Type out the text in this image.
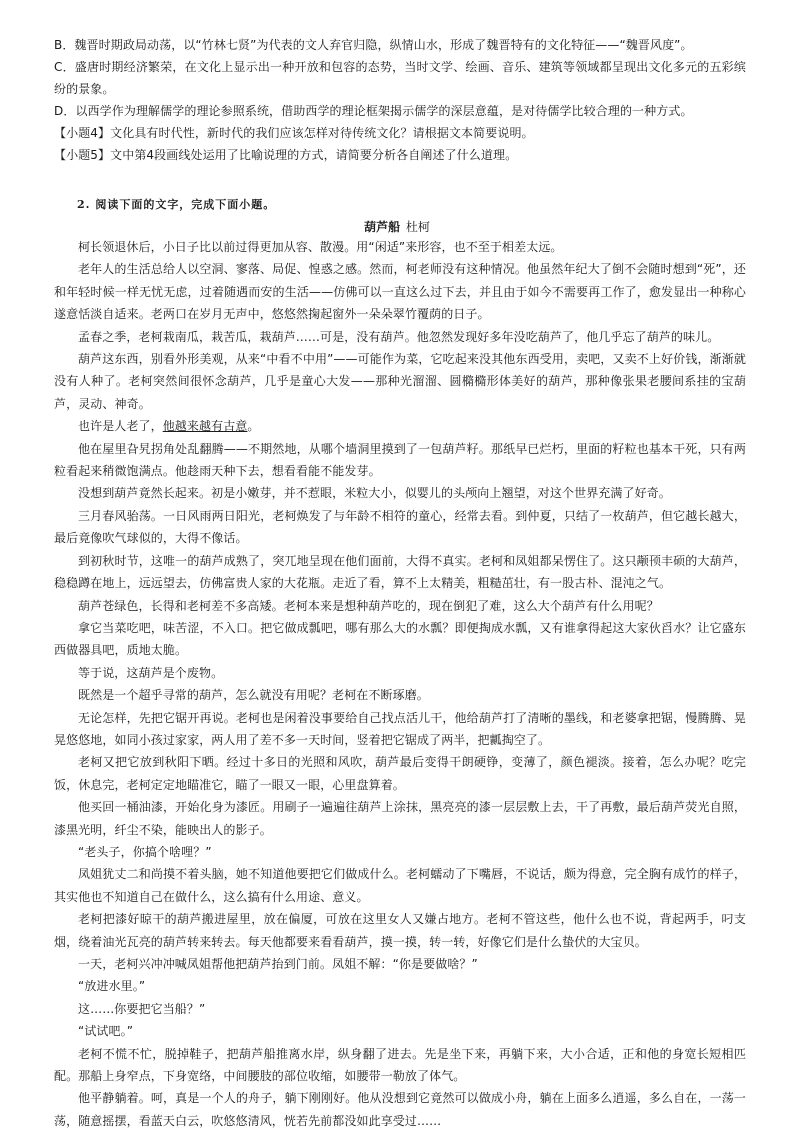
B．魏晋时期政局动荡，以“竹林七贤”为代表的文人弃官归隐，纵情山水，形成了魏晋特有的文化特征——“魏晋风度”。

C．盛唐时期经济繁荣，在文化上显示出一种开放和包容的态势，当时文学、绘画、音乐、建筑等领域都呈现出文化多元的五彩缤纷的景象。

D．以西学作为理解儒学的理论参照系统，借助西学的理论框架揭示儒学的深层意蕴，是对待儒学比较合理的一种方式。

【小题4】文化具有时代性，新时代的我们应该怎样对待传统文化？请根据文本简要说明。

【小题5】文中第4段画线处运用了比喻说理的方式，请简要分析各自阐述了什么道理。

2. 阅读下面的文字，完成下面小题。
葫芦船 杜柯

柯长领退休后，小日子比以前过得更加从容、散漫。用“闲适”来形容，也不至于相差太远。

老年人的生活总给人以空洞、寥落、局促、惶惑之感。然而，柯老师没有这种情况。他虽然年纪大了倒不会随时想到“死”，还和年轻时候一样无忧无虑，过着随遇而安的生活——仿佛可以一直这么过下去，并且由于如今不需要再工作了，愈发显出一种称心遂意恬淡自适来。老两口在岁月无声中，悠悠然掬起窗外一朵朵翠竹覆荫的日子。

孟春之季，老柯栽南瓜，栽苦瓜，栽葫芦……可是，没有葫芦。他忽然发现好多年没吃葫芦了，他几乎忘了葫芦的味儿。

葫芦这东西，别看外形美观，从来“中看不中用”——可能作为菜，它吃起来没其他东西受用，卖吧，又卖不上好价钱，渐渐就没有人种了。老柯突然间很怀念葫芦，几乎是童心大发——那种光溜溜、圆橢橢形体美好的葫芦，那种像张果老腰间系挂的宝葫芦，灵动、神奇。

也许是人老了，他越来越有古意。

他在屋里旮旯拐角处乱翻腾——不期然地，从哪个墙洞里摸到了一包葫芦籽。那纸早已烂朽，里面的籽粒也基本干死，只有两粒看起来稍微饱满点。他趁雨天种下去，想看看能不能发芽。

没想到葫芦竟然长起来。初是小嫩芽，并不惹眼，米粒大小，似婴儿的头颅向上翘望，对这个世界充满了好奇。

三月春风骀荡。一日风雨两日阳光，老柯焕发了与年龄不相符的童心，经常去看。到仲夏，只结了一枚葫芦，但它越长越大，最后竟像吹气球似的，大得不像话。

到初秋时节，这唯一的葫芦成熟了，突兀地呈现在他们面前，大得不真实。老柯和凤姐都呆愣住了。这只颟顸丰硕的大葫芦，稳稳蹲在地上，远远望去，仿佛富贵人家的大花瓶。走近了看，算不上太精美，粗糙茁壮，有一股古朴、混沌之气。

葫芦苍绿色，长得和老柯差不多高矮。老柯本来是想种葫芦吃的，现在倒犯了难，这么大个葫芦有什么用呢？

拿它当菜吃吧，味苦涩，不入口。把它做成瓢吧，哪有那么大的水瓢？即便掏成水瓢，又有谁拿得起这大家伙舀水？让它盛东西做器具吧，质地太脆。

等于说，这葫芦是个废物。

既然是一个超乎寻常的葫芦，怎么就没有用呢？老柯在不断琢磨。

无论怎样，先把它锯开再说。老柯也是闲着没事要给自己找点活儿干，他给葫芦打了清晰的墨线，和老婆拿把锯，慢腾腾、晃晃悠悠地，如同小孩过家家，两人用了差不多一天时间，竖着把它锯成了两半，把瓤掏空了。

老柯又把它放到秋阳下晒。经过十多日的光照和风吹，葫芦最后变得干朗硬铮，变薄了，颜色褪淡。接着，怎么办呢？吃完饭，休息完，老柯定定地瞄准它，瞄了一眼又一眼，心里盘算着。

他买回一桶油漆，开始化身为漆匠。用刷子一遍遍往葫芦上涂抹，黑亮亮的漆一层层敷上去，干了再敷，最后葫芦荧光自照，漆黑光明，纤尘不染，能映出人的影子。

“老头子，你搞个啥哩？”

凤姐犹丈二和尚摸不着头脑，她不知道他要把它们做成什么。老柯蠕动了下嘴唇，不说话，颇为得意，完全胸有成竹的样子，其实他也不知道自己在做什么，这么搞有什么用途、意义。

老柯把漆好晾干的葫芦搬进屋里，放在偏厦，可放在这里女人又嫌占地方。老柯不管这些，他什么也不说，背起两手，叼支烟，绕着油光瓦亮的葫芦转来转去。每天他都要来看看葫芦，摸一摸，转一转，好像它们是什么蛰伏的大宝贝。

一天，老柯兴冲冲喊凤姐帮他把葫芦抬到门前。凤姐不解：“你是要做啥？”

“放进水里。”

这……你要把它当船？”

“试试吧。”

老柯不慌不忙，脱掉鞋子，把葫芦船推离水岸，纵身翻了进去。先是坐下来，再躺下来，大小合适，正和他的身宽长短相匹配。那船上身窄点，下身宽络，中间腰肢的部位收缩，如腰带一勒放了体气。

他平静躺着。呵，真是一个人的舟子，躺下刚刚好。他从没想到它竟然可以做成小舟，躺在上面多么逍遥，多么自在，一荡一荡，随意摇摆，看蓝天白云，吹悠悠清风，恍若先前都没如此享受过……
